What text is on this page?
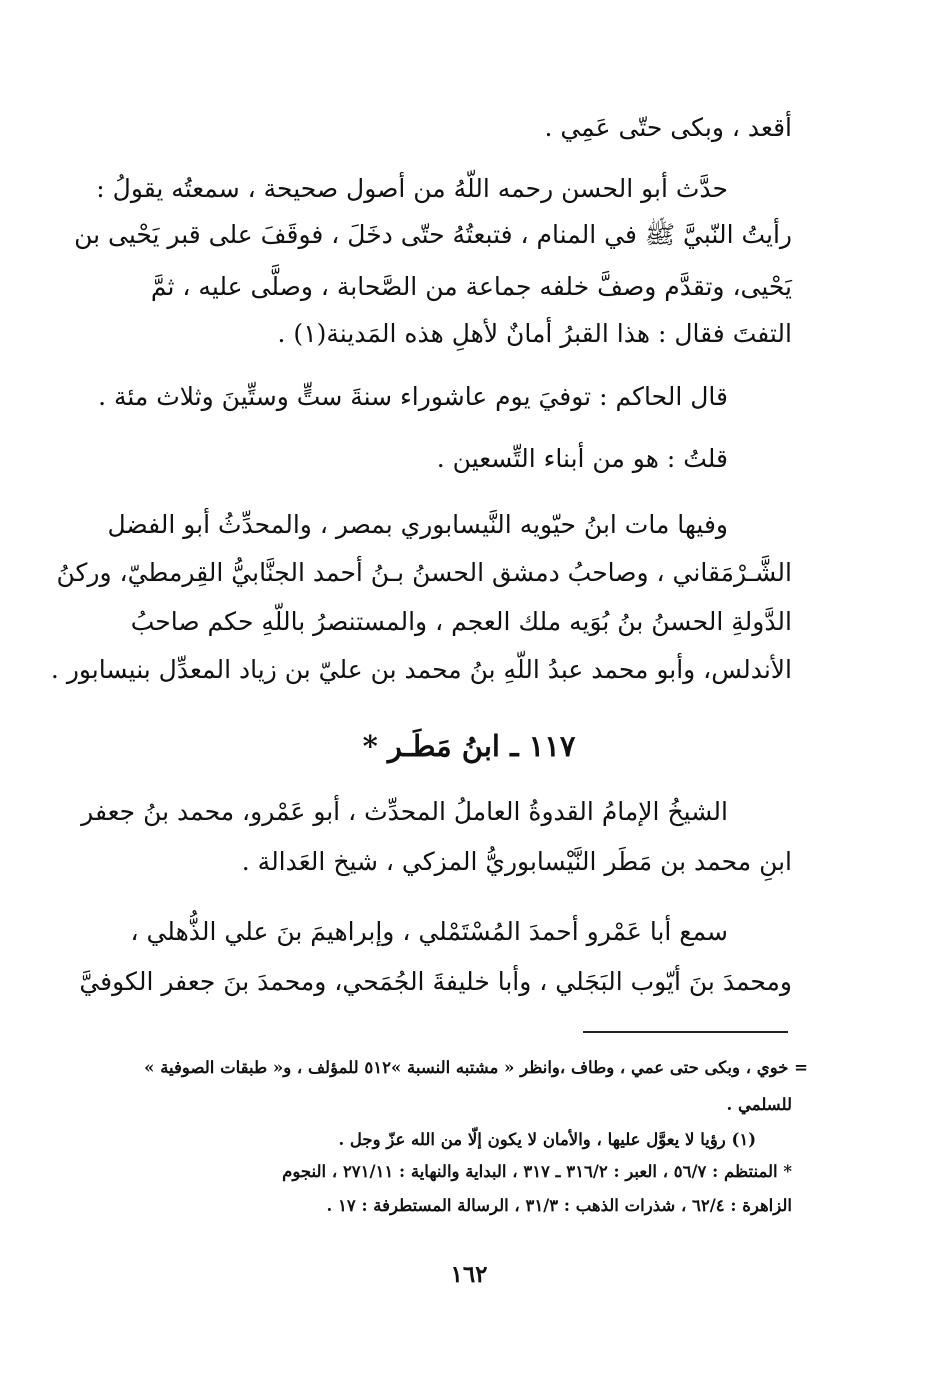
أقعد ، وبكى حتّى عَمِي .
حدَّث أبو الحسن رحمه اللّهُ من أصول صحيحة ، سمعتُه يقولُ :
رأيتُ النّبيَّ ﷺ في المنام ، فتبعتُهُ حتّى دخَلَ ، فوقَفَ على قبر يَحْيى بن
يَحْيى، وتقدَّم وصفَّ خلفه جماعة من الصَّحابة ، وصلَّى عليه ، ثمَّ
التفتَ فقال : هذا القبرُ أمانٌ لأهلِ هذه المَدينة(١) .
قال الحاكم : توفيَ يوم عاشوراء سنةَ ستٍّ وستِّينَ وثلاث مئة .
قلتُ : هو من أبناء التِّسعين .
وفيها مات ابنُ حيّويه النَّيسابوري بمصر ، والمحدِّثُ أبو الفضل
الشَّـرْمَقاني ، وصاحبُ دمشق الحسنُ بـنُ أحمد الجنَّابيُّ القِرمطيّ، وركنُ
الدَّولةِ الحسنُ بنُ بُوَيه ملك العجم ، والمستنصرُ باللّهِ حكم صاحبُ
الأندلس، وأبو محمد عبدُ اللّهِ بنُ محمد بن عليّ بن زياد المعدِّل بنيسابور .
١١٧ ـ ابنُ مَطَـر *
الشيخُ الإمامُ القدوةُ العاملُ المحدِّث ، أبو عَمْرو، محمد بنُ جعفر
ابنِ محمد بن مَطَر النَّيْسابوريُّ المزكي ، شيخ العَدالة .
سمع أبا عَمْرو أحمدَ المُسْتَمْلي ، وإبراهيمَ بنَ علي الذُّهلي ،
ومحمدَ بنَ أيّوب البَجَلي ، وأبا خليفةَ الجُمَحي، ومحمدَ بنَ جعفر الكوفيَّ
= خوي ، وبكى حتى عمي ، وطاف ،وانظر « مشتبه النسبة »٥١٢ للمؤلف ، و« طبقات الصوفية »
للسلمي .
(١) رؤيا لا يعوَّل عليها ، والأمان لا يكون إلّا من الله عزّ وجل .
* المنتظم : ٥٦/٧ ، العبر : ٣١٦/٢ ـ ٣١٧ ، البداية والنهاية : ٢٧١/١١ ، النجوم
الزاهرة : ٦٢/٤ ، شذرات الذهب : ٣١/٣ ، الرسالة المستطرفة : ١٧ .
١٦٢
